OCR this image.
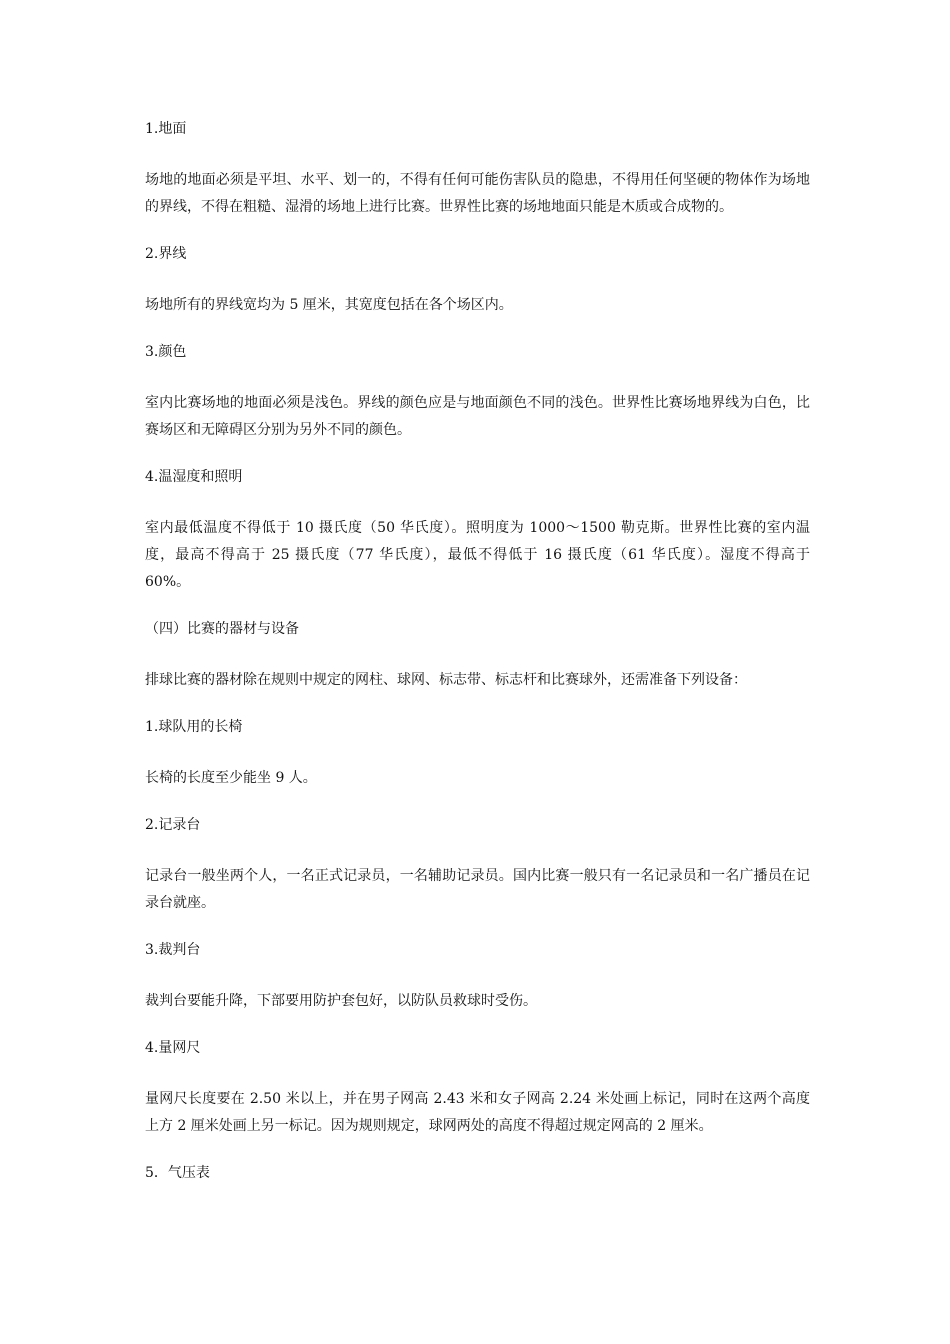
1.地面

场地的地面必须是平坦、水平、划一的，不得有任何可能伤害队员的隐患，不得用任何坚硬的物体作为场地的界线，不得在粗糙、湿滑的场地上进行比赛。世界性比赛的场地地面只能是木质或合成物的。

2.界线

场地所有的界线宽均为 5 厘米，其宽度包括在各个场区内。

3.颜色

室内比赛场地的地面必须是浅色。界线的颜色应是与地面颜色不同的浅色。世界性比赛场地界线为白色，比赛场区和无障碍区分别为另外不同的颜色。

4.温湿度和照明

室内最低温度不得低于 10 摄氏度（50 华氏度）。照明度为 1000～1500 勒克斯。世界性比赛的室内温度，最高不得高于 25 摄氏度（77 华氏度），最低不得低于 16 摄氏度（61 华氏度）。湿度不得高于 60%。

（四）比赛的器材与设备

排球比赛的器材除在规则中规定的网柱、球网、标志带、标志杆和比赛球外，还需准备下列设备：

1.球队用的长椅

长椅的长度至少能坐 9 人。

2.记录台

记录台一般坐两个人，一名正式记录员，一名辅助记录员。国内比赛一般只有一名记录员和一名广播员在记录台就座。

3.裁判台

裁判台要能升降，下部要用防护套包好，以防队员救球时受伤。

4.量网尺

量网尺长度要在 2.50 米以上，并在男子网高 2.43 米和女子网高 2.24 米处画上标记，同时在这两个高度上方 2 厘米处画上另一标记。因为规则规定，球网两处的高度不得超过规定网高的 2 厘米。

5．气压表
